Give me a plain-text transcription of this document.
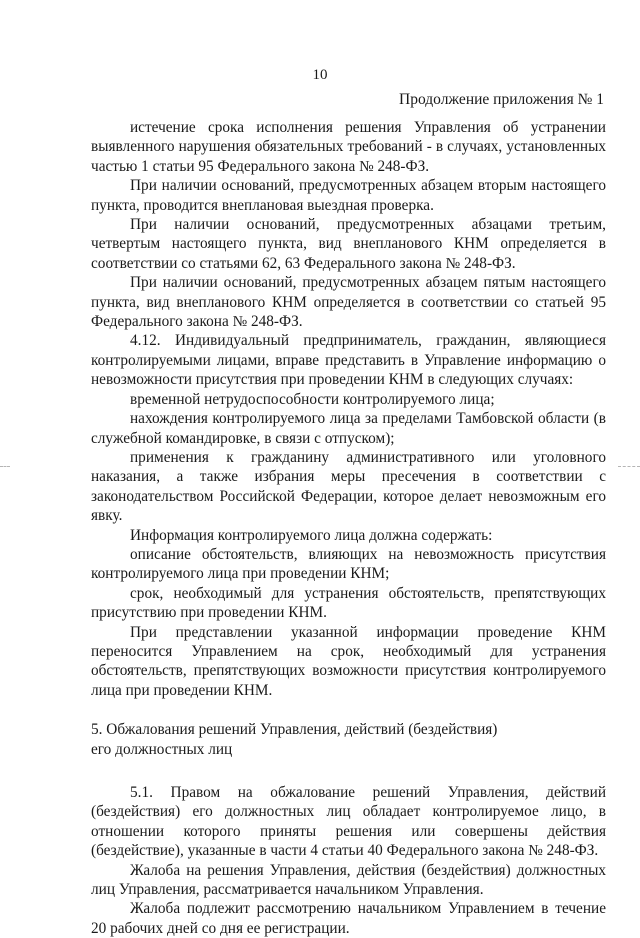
10
Продолжение приложения № 1

истечение срока исполнения решения Управления об устранении выявленного нарушения обязательных требований - в случаях, установленных частью 1 статьи 95 Федерального закона № 248-ФЗ.

При наличии оснований, предусмотренных абзацем вторым настоящего пункта, проводится внеплановая выездная проверка.

При наличии оснований, предусмотренных абзацами третьим, четвертым настоящего пункта, вид внепланового КНМ определяется в соответствии со статьями 62, 63 Федерального закона № 248-ФЗ.

При наличии оснований, предусмотренных абзацем пятым настоящего пункта, вид внепланового КНМ определяется в соответствии со статьей 95 Федерального закона № 248-ФЗ.

4.12. Индивидуальный предприниматель, гражданин, являющиеся контролируемыми лицами, вправе представить в Управление информацию о невозможности присутствия при проведении КНМ в следующих случаях:

временной нетрудоспособности контролируемого лица;

нахождения контролируемого лица за пределами Тамбовской области (в служебной командировке, в связи с отпуском);

применения к гражданину административного или уголовного наказания, а также избрания меры пресечения в соответствии с законодательством Российской Федерации, которое делает невозможным его явку.

Информация контролируемого лица должна содержать:

описание обстоятельств, влияющих на невозможность присутствия контролируемого лица при проведении КНМ;

срок, необходимый для устранения обстоятельств, препятствующих присутствию при проведении КНМ.

При представлении указанной информации проведение КНМ переносится Управлением на срок, необходимый для устранения обстоятельств, препятствующих возможности присутствия контролируемого лица при проведении КНМ.

5. Обжалования решений Управления, действий (бездействия)
его должностных лиц

5.1. Правом на обжалование решений Управления, действий (бездействия) его должностных лиц обладает контролируемое лицо, в отношении которого приняты решения или совершены действия (бездействие), указанные в части 4 статьи 40 Федерального закона № 248-ФЗ.

Жалоба на решения Управления, действия (бездействия) должностных лиц Управления, рассматривается начальником Управления.

Жалоба подлежит рассмотрению начальником Управлением в течение 20 рабочих дней со дня ее регистрации.
